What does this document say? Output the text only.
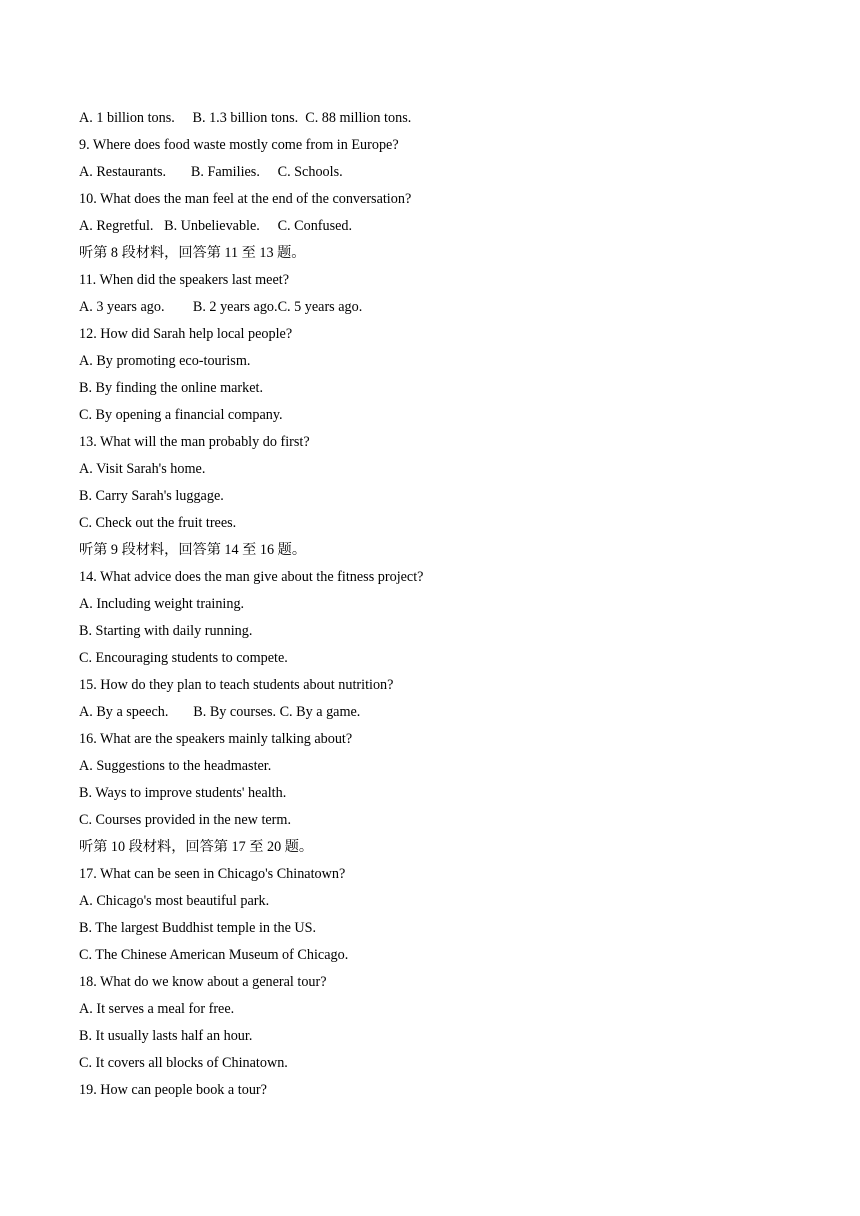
A. 1 billion tons.     B. 1.3 billion tons.  C. 88 million tons.
9. Where does food waste mostly come from in Europe?
A. Restaurants.       B. Families.     C. Schools.
10. What does the man feel at the end of the conversation?
A. Regretful.   B. Unbelievable.     C. Confused.
听第 8 段材料，回答第 11 至 13 题。
11. When did the speakers last meet?
A. 3 years ago.        B. 2 years ago.C. 5 years ago.
12. How did Sarah help local people?
A. By promoting eco-tourism.
B. By finding the online market.
C. By opening a financial company.
13. What will the man probably do first?
A. Visit Sarah's home.
B. Carry Sarah's luggage.
C. Check out the fruit trees.
听第 9 段材料，回答第 14 至 16 题。
14. What advice does the man give about the fitness project?
A. Including weight training.
B. Starting with daily running.
C. Encouraging students to compete.
15. How do they plan to teach students about nutrition?
A. By a speech.       B. By courses. C. By a game.
16. What are the speakers mainly talking about?
A. Suggestions to the headmaster.
B. Ways to improve students' health.
C. Courses provided in the new term.
听第 10 段材料，回答第 17 至 20 题。
17. What can be seen in Chicago's Chinatown?
A. Chicago's most beautiful park.
B. The largest Buddhist temple in the US.
C. The Chinese American Museum of Chicago.
18. What do we know about a general tour?
A. It serves a meal for free.
B. It usually lasts half an hour.
C. It covers all blocks of Chinatown.
19. How can people book a tour?
